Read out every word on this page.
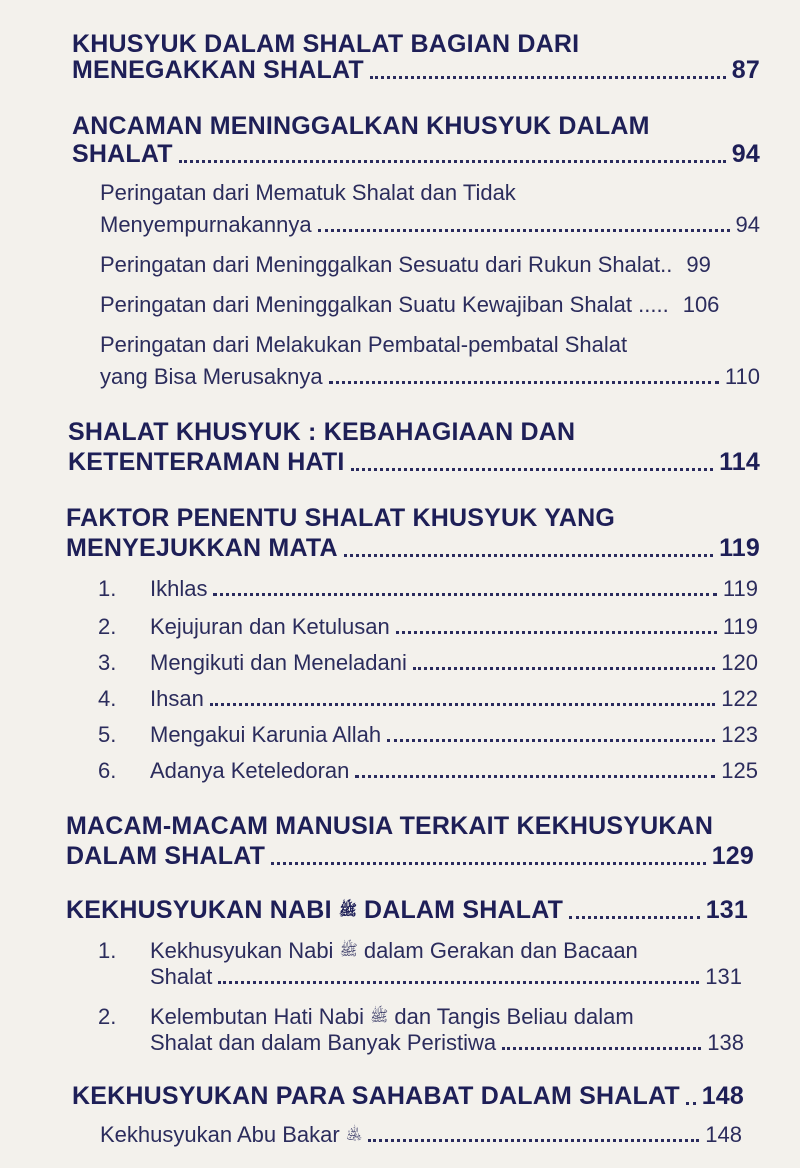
KHUSYUK DALAM SHALAT BAGIAN DARI
MENEGAKKAN SHALAT	87
ANCAMAN MENINGGALKAN KHUSYUK DALAM
SHALAT	94
Peringatan dari Mematuk Shalat dan Tidak
Menyempurnakannya	94
Peringatan dari Meninggalkan Sesuatu dari Rukun Shalat.. 99
Peringatan dari Meninggalkan Suatu Kewajiban Shalat ..... 106
Peringatan dari Melakukan Pembatal-pembatal Shalat
yang Bisa Merusaknya	110
SHALAT KHUSYUK : KEBAHAGIAAN DAN
KETENTERAMAN HATI	114
FAKTOR PENENTU SHALAT KHUSYUK YANG
MENYEJUKKAN MATA	119
1. Ikhlas	119
2. Kejujuran dan Ketulusan	119
3. Mengikuti dan Meneladani	120
4. Ihsan	122
5. Mengakui Karunia Allah	123
6. Adanya Keteledoran	125
MACAM-MACAM MANUSIA TERKAIT KEKHUSYUKAN
DALAM SHALAT	129
KEKHUSYUKAN NABI ﷺ DALAM SHALAT	131
1. Kekhusyukan Nabi ﷺ dalam Gerakan dan Bacaan
Shalat	131
2. Kelembutan Hati Nabi ﷺ dan Tangis Beliau dalam
Shalat dan dalam Banyak Peristiwa	138
KEKHUSYUKAN PARA SAHABAT DALAM SHALAT 148
Kekhusyukan Abu Bakar ﵁	148
